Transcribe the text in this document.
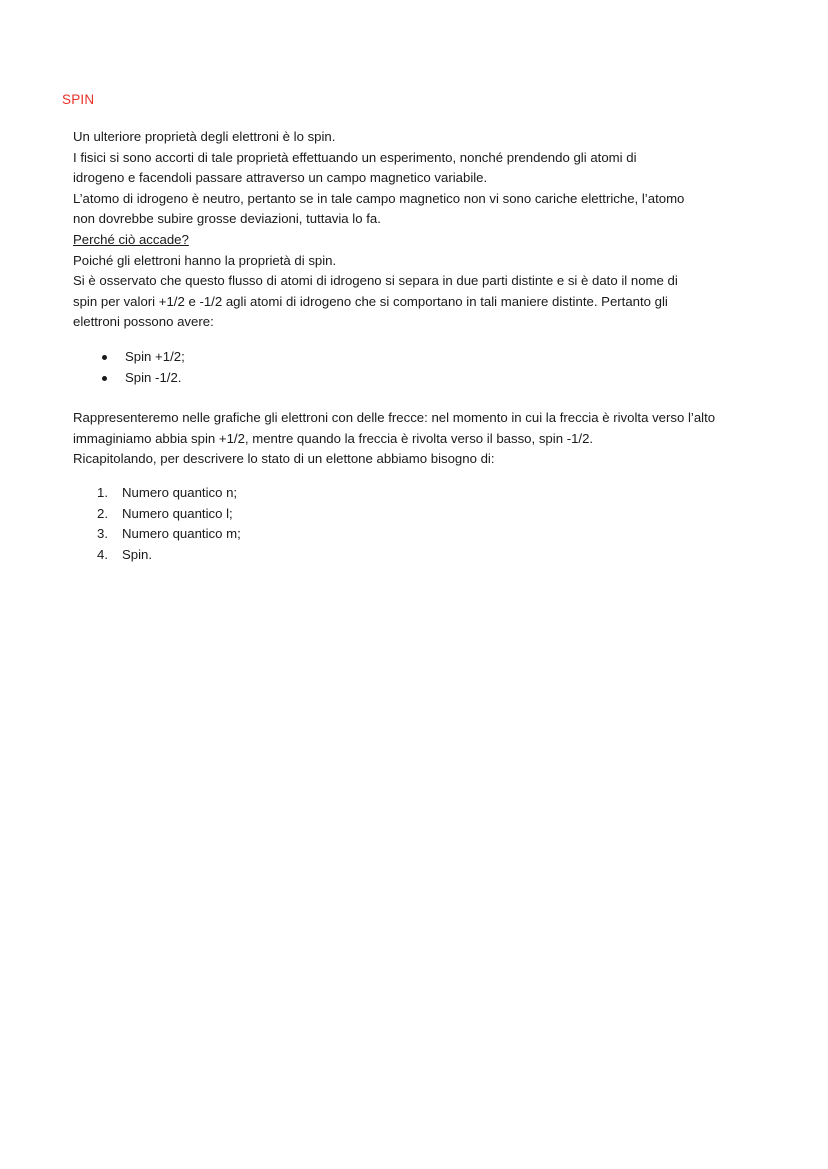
SPIN

Un ulteriore proprietà degli elettroni è lo spin.

I fisici si sono accorti di tale proprietà effettuando un esperimento, nonché prendendo gli atomi di

idrogeno e facendoli passare attraverso un campo magnetico variabile.

L’atomo di idrogeno è neutro, pertanto se in tale campo magnetico non vi sono cariche elettriche, l’atomo

non dovrebbe subire grosse deviazioni, tuttavia lo fa.

Perché ciò accade?

Poiché gli elettroni hanno la proprietà di spin.

Si è osservato che questo flusso di atomi di idrogeno si separa in due parti distinte e si è dato il nome di

spin per valori +1/2 e -1/2 agli atomi di idrogeno che si comportano in tali maniere distinte. Pertanto gli

elettroni possono avere:

Spin +1/2;
Spin -1/2.

Rappresenteremo nelle grafiche gli elettroni con delle frecce: nel momento in cui la freccia è rivolta verso l’alto

immaginiamo abbia spin +1/2, mentre quando la freccia è rivolta verso il basso, spin -1/2.

Ricapitolando, per descrivere lo stato di un elettone abbiamo bisogno di:

1. Numero quantico n;
2. Numero quantico l;
3. Numero quantico m;
4. Spin.
